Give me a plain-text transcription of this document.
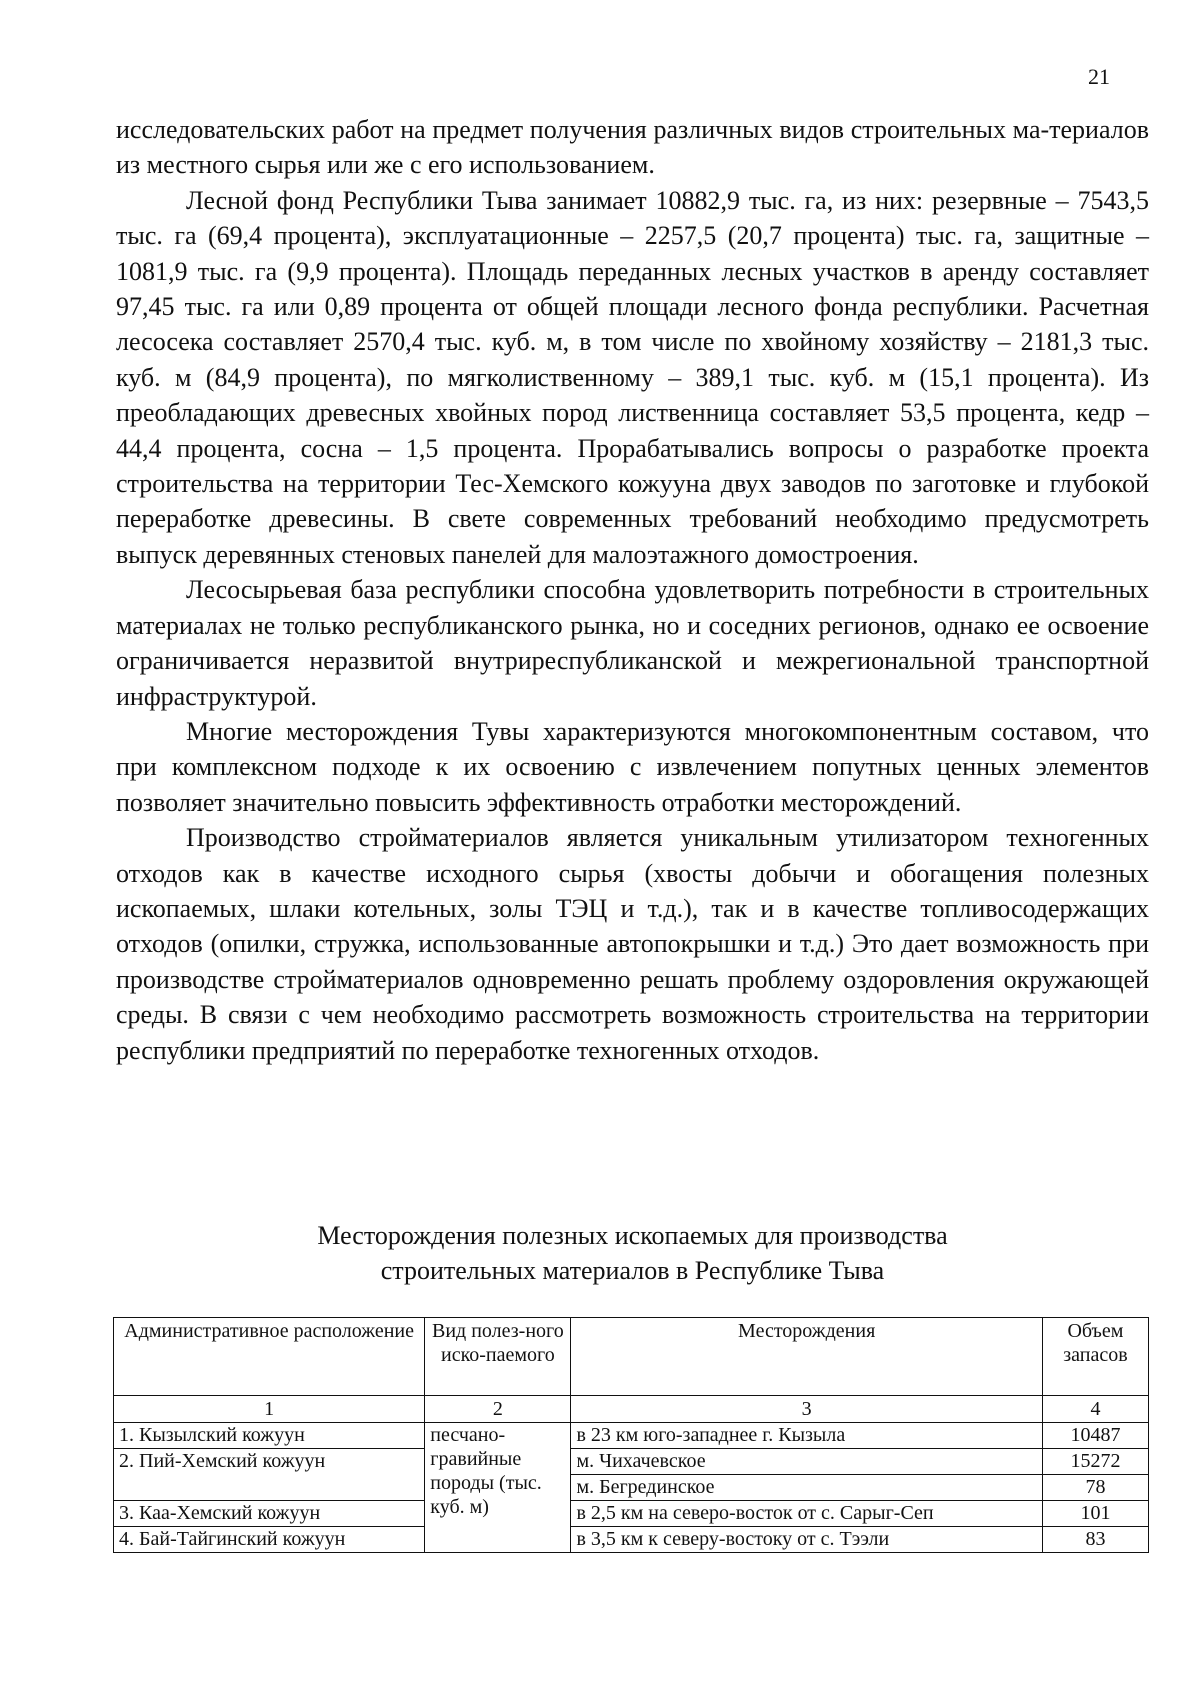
21

исследовательских работ на предмет получения различных видов строительных ма-териалов из местного сырья или же с его использованием.

Лесной фонд Республики Тыва занимает 10882,9 тыс. га, из них: резервные – 7543,5 тыс. га (69,4 процента), эксплуатационные – 2257,5 (20,7 процента) тыс. га, защитные – 1081,9 тыс. га (9,9 процента). Площадь переданных лесных участков в аренду составляет 97,45 тыс. га или 0,89 процента от общей площади лесного фонда республики. Расчетная лесосека составляет 2570,4 тыс. куб. м, в том числе по хвойному хозяйству – 2181,3 тыс. куб. м (84,9 процента), по мягколиственному – 389,1 тыс. куб. м (15,1 процента). Из преобладающих древесных хвойных пород лиственница составляет 53,5 процента, кедр – 44,4 процента, сосна – 1,5 процента. Прорабатывались вопросы о разработке проекта строительства на территории Тес-Хемского кожууна двух заводов по заготовке и глубокой переработке древесины. В свете современных требований необходимо предусмотреть выпуск деревянных стеновых панелей для малоэтажного домостроения.

Лесосырьевая база республики способна удовлетворить потребности в строительных материалах не только республиканского рынка, но и соседних регионов, однако ее освоение ограничивается неразвитой внутриреспубликанской и межрегиональной транспортной инфраструктурой.

Многие месторождения Тувы характеризуются многокомпонентным составом, что при комплексном подходе к их освоению с извлечением попутных ценных элементов позволяет значительно повысить эффективность отработки месторождений.

Производство стройматериалов является уникальным утилизатором техногенных отходов как в качестве исходного сырья (хвосты добычи и обогащения полезных ископаемых, шлаки котельных, золы ТЭЦ и т.д.), так и в качестве топливосодержащих отходов (опилки, стружка, использованные автопокрышки и т.д.) Это дает возможность при производстве стройматериалов одновременно решать проблему оздоровления окружающей среды. В связи с чем необходимо рассмотреть возможность строительства на территории республики предприятий по переработке техногенных отходов.

Месторождения полезных ископаемых для производства
строительных материалов в Республике Тыва
Административное расположение	Вид полез-ного иско-паемого	Месторождения	Объем запасов
1	2	3	4
1. Кызылский кожуун	песчано-гравийные породы (тыс. куб. м)	в 23 км юго-западнее г. Кызыла	10487
2. Пий-Хемский кожуун		м. Чихачевское	15272
		м. Бегрединское	78
3. Каа-Хемский кожуун		в 2,5 км на северо-восток от с. Сарыг-Сеп	101
4. Бай-Тайгинский кожуун		в 3,5 км к северу-востоку от с. Тээли	83
